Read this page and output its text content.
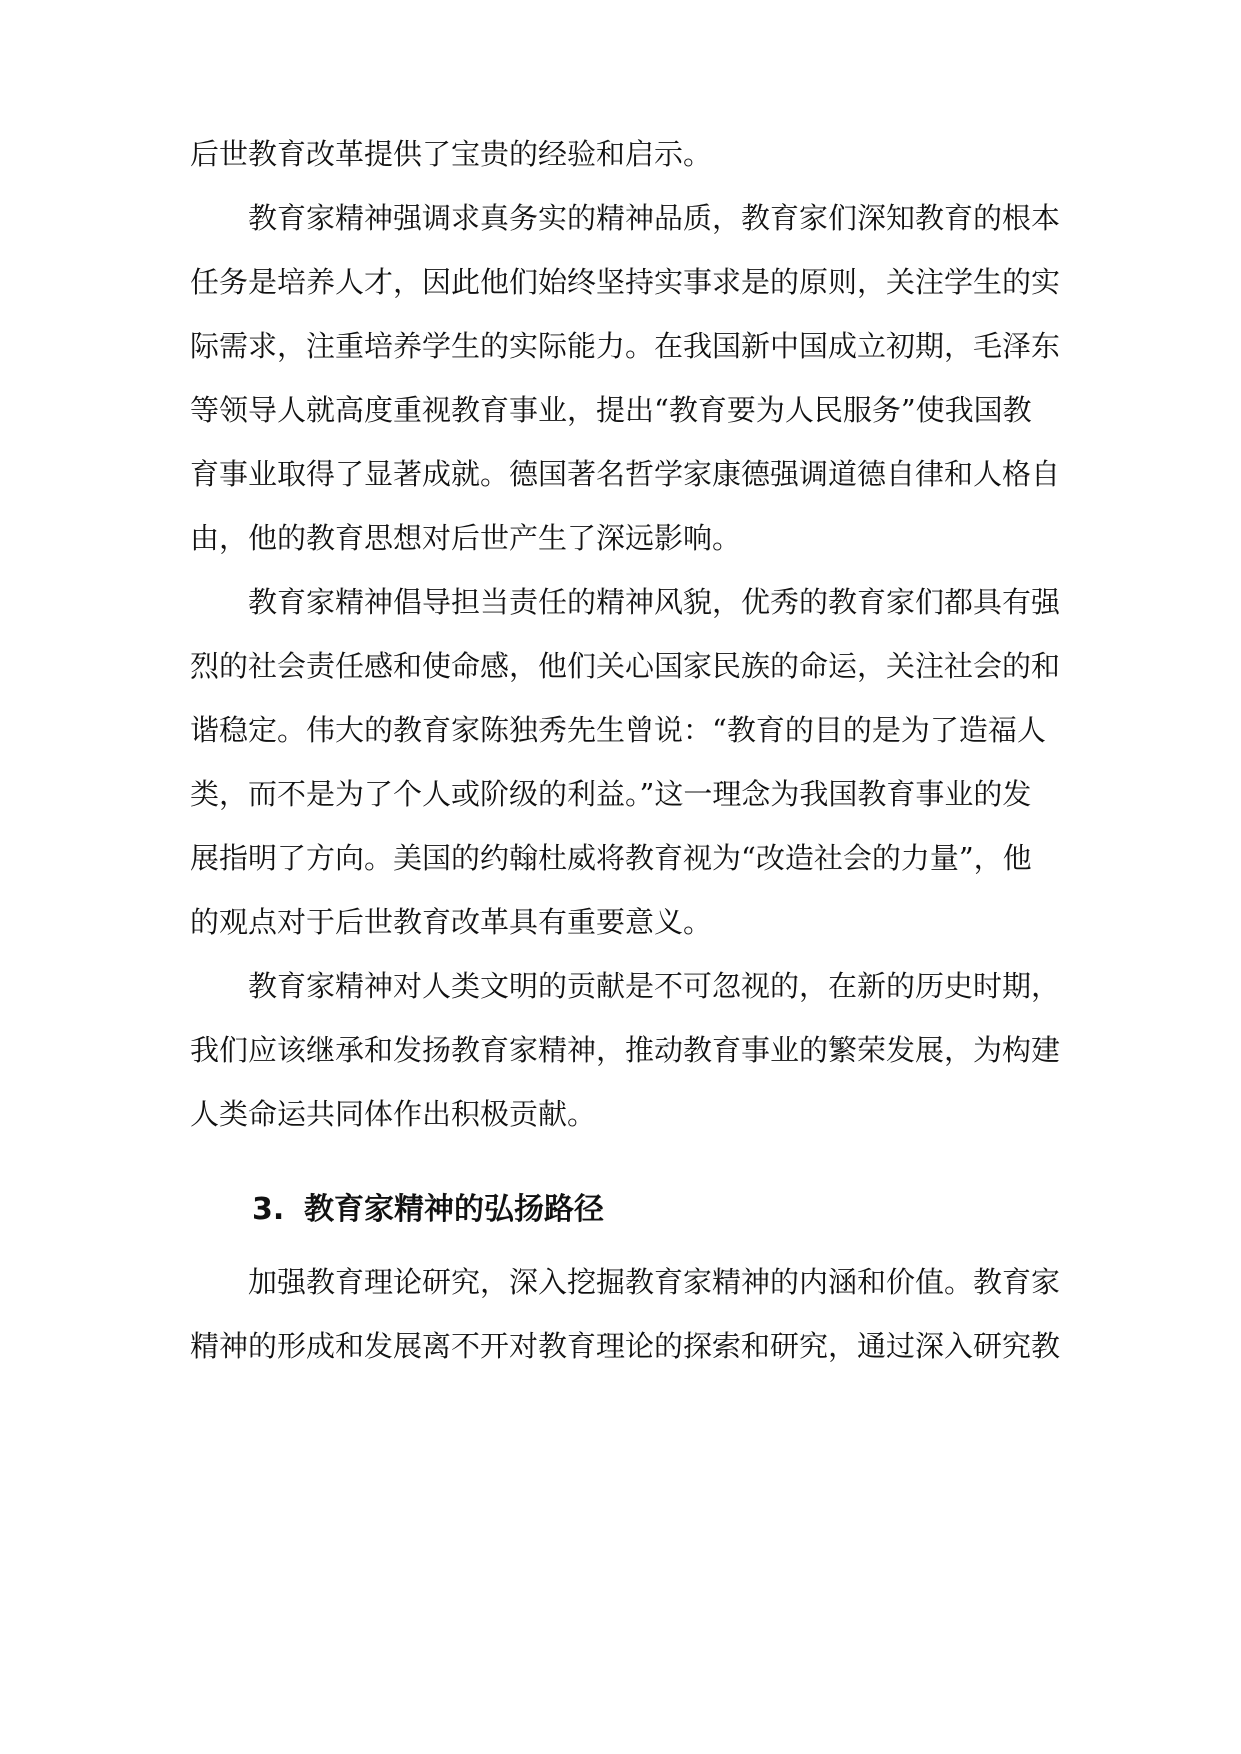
后世教育改革提供了宝贵的经验和启示。
教育家精神强调求真务实的精神品质，教育家们深知教育的根本
任务是培养人才，因此他们始终坚持实事求是的原则，关注学生的实
际需求，注重培养学生的实际能力。在我国新中国成立初期，毛泽东
等领导人就高度重视教育事业，提出“教育要为人民服务”使我国教
育事业取得了显著成就。德国著名哲学家康德强调道德自律和人格自
由，他的教育思想对后世产生了深远影响。
教育家精神倡导担当责任的精神风貌，优秀的教育家们都具有强
烈的社会责任感和使命感，他们关心国家民族的命运，关注社会的和
谐稳定。伟大的教育家陈独秀先生曾说：“教育的目的是为了造福人
类，而不是为了个人或阶级的利益。”这一理念为我国教育事业的发
展指明了方向。美国的约翰杜威将教育视为“改造社会的力量”，他
的观点对于后世教育改革具有重要意义。
教育家精神对人类文明的贡献是不可忽视的，在新的历史时期，
我们应该继承和发扬教育家精神，推动教育事业的繁荣发展，为构建
人类命运共同体作出积极贡献。
3. 教育家精神的弘扬路径
加强教育理论研究，深入挖掘教育家精神的内涵和价值。教育家
精神的形成和发展离不开对教育理论的探索和研究，通过深入研究教
